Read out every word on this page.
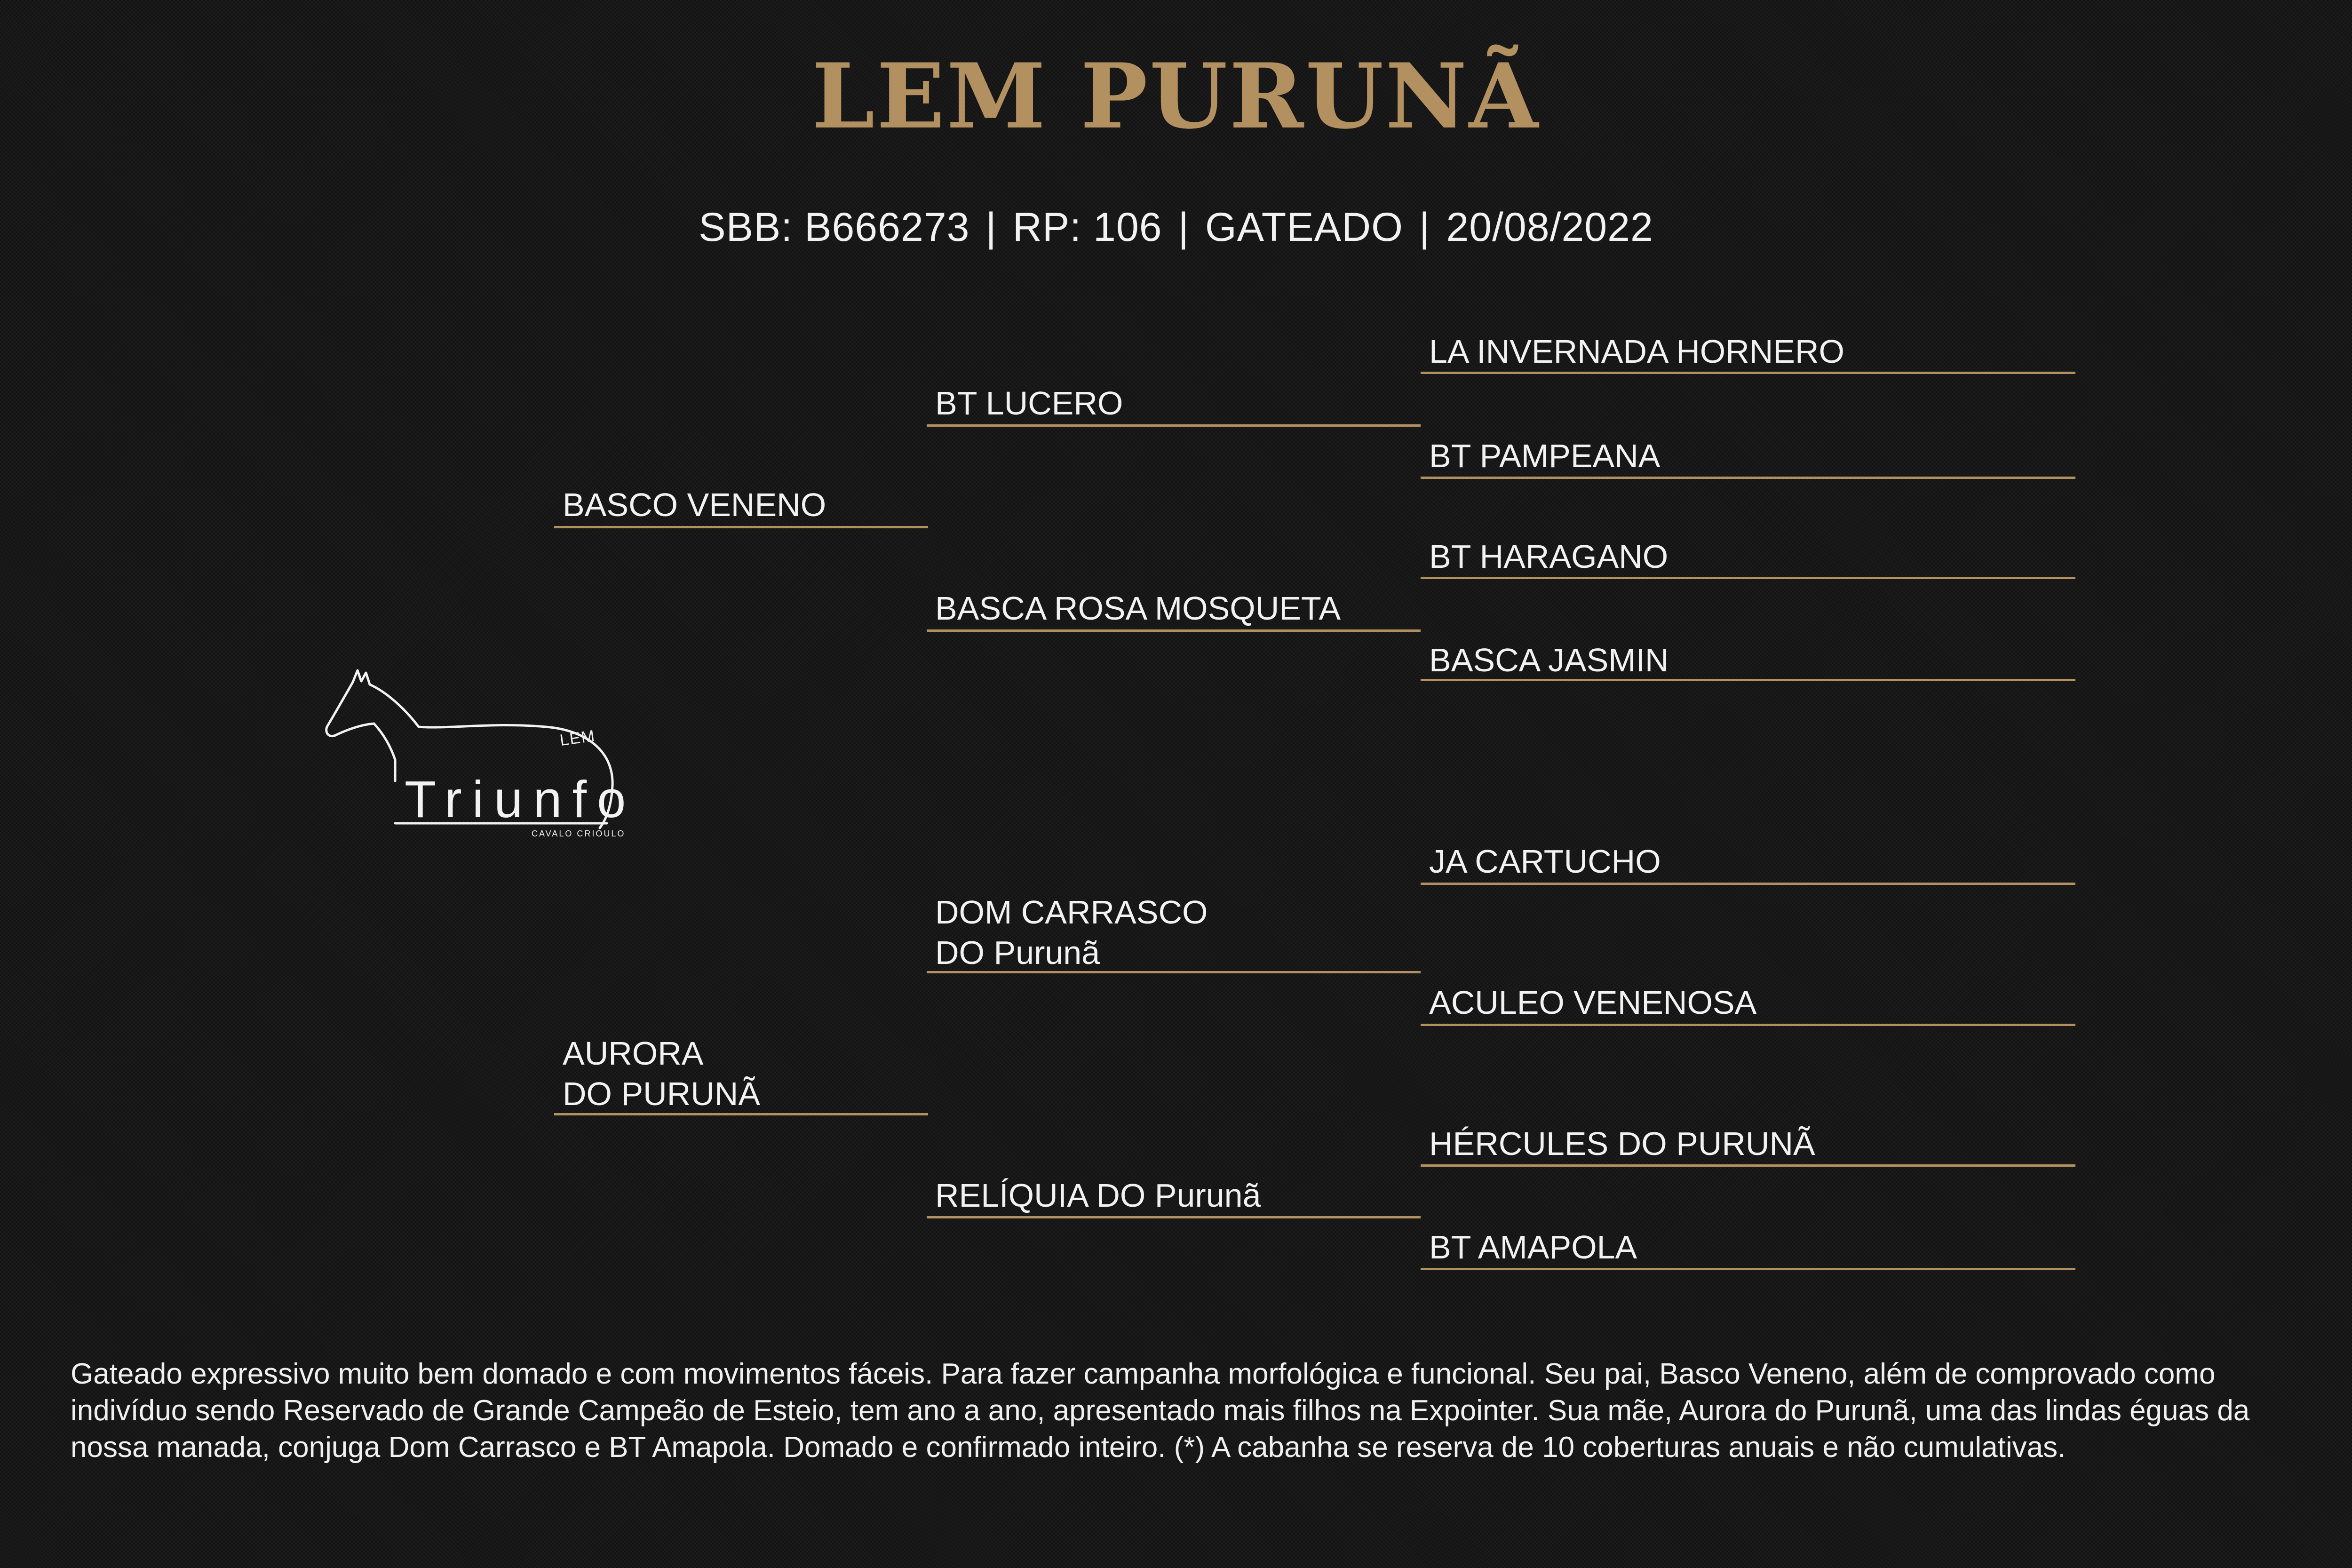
LEM PURUNÃ
SBB: B666273 | RP: 106 | GATEADO | 20/08/2022
BASCO VENENO
AURORA
DO PURUNÃ
BT LUCERO
BASCA ROSA MOSQUETA
DOM CARRASCO
DO Purunã
RELÍQUIA DO Purunã
LA INVERNADA HORNERO
BT PAMPEANA
BT HARAGANO
BASCA JASMIN
JA CARTUCHO
ACULEO VENENOSA
HÉRCULES DO PURUNÃ
BT AMAPOLA
LEM
Triunfo
CAVALO CRIOULO
Gateado expressivo muito bem domado e com movimentos fáceis. Para fazer campanha morfológica e funcional. Seu pai, Basco Veneno, além de comprovado como indivíduo sendo Reservado de Grande Campeão de Esteio, tem ano a ano, apresentado mais filhos na Expointer. Sua mãe, Aurora do Purunã, uma das lindas éguas da nossa manada, conjuga Dom Carrasco e BT Amapola. Domado e confirmado inteiro. (*) A cabanha se reserva de 10 coberturas anuais e não cumulativas.
